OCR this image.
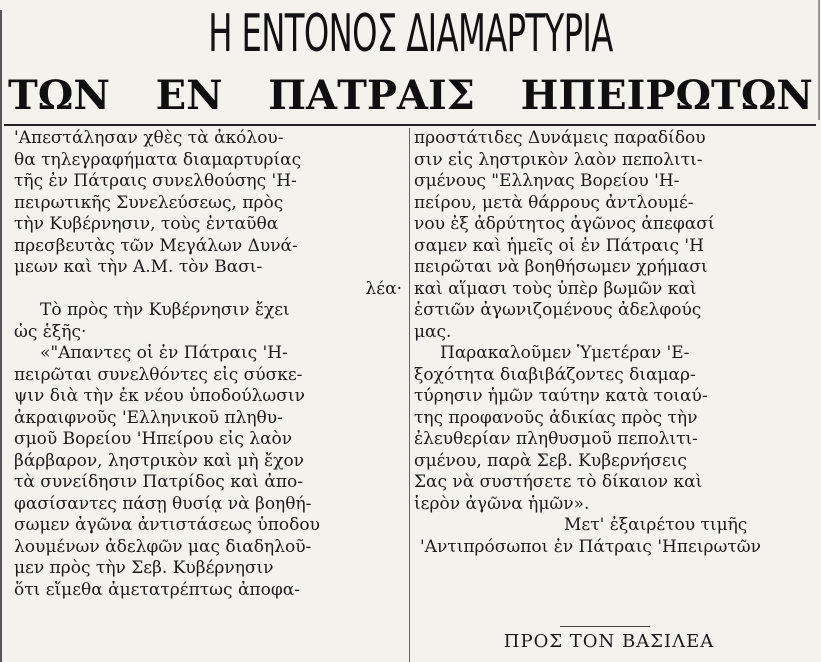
Η ΕΝΤΟΝΟΣ ΔΙΑΜΑΡΤΥΡΙΑ
ΤΩΝ ΕΝ ΠΑΤΡΑΙΣ ΗΠΕΙΡΩΤΩΝ
'Απεστάλησαν χθὲς τὰ ἀκόλου-
θα τηλεγραφήματα διαμαρτυρίας
τῆς ἐν Πάτραις συνελθούσης 'Η-
πειρωτικῆς Συνελεύσεως, πρὸς
τὴν Κυβέρνησιν, τοὺς ἐνταῦθα
πρεσβευτὰς τῶν Μεγάλων Δυνά-
μεων καὶ τὴν Α.Μ. τὸν Βασι-
λέα·
Τὸ πρὸς τὴν Κυβέρνησιν ἔχει
ὡς ἑξῆς·
«"Απαντες οἱ ἐν Πάτραις 'Η-
πειρῶται συνελθόντες εἰς σύσκε-
ψιν διὰ τὴν ἐκ νέου ὑποδούλωσιν
ἀκραιφνοῦς 'Ελληνικοῦ πληθυ-
σμοῦ Βορείου 'Ηπείρου εἰς λαὸν
βάρβαρον, ληστρικὸν καὶ μὴ ἔχον
τὰ συνείδησιν Πατρίδος καὶ ἀπο-
φασίσαντες πάσῃ θυσίᾳ νὰ βοηθή-
σωμεν ἀγῶνα ἀντιστάσεως ὑποδου
λουμένων ἀδελφῶν μας διαδηλοῦ-
μεν πρὸς τὴν Σεβ. Κυβέρνησιν
ὅτι εἴμεθα ἀμετατρέπτως ἀποφα-
προστάτιδες Δυνάμεις παραδίδου
σιν εἰς ληστρικὸν λαὸν πεπολιτι-
σμένους "Ελληνας Βορείου 'Η-
πείρου, μετὰ θάρρους ἀντλουμέ-
νου ἐξ ἀδρύτητος ἀγῶνος ἀπεφασί
σαμεν καὶ ἡμεῖς οἱ ἐν Πάτραις 'Η
πειρῶται νὰ βοηθήσωμεν χρήμασι
καὶ αἵμασι τοὺς ὑπὲρ βωμῶν καὶ
ἑστιῶν ἀγωνιζομένους ἀδελφούς
μας.
Παρακαλοῦμεν Ὑμετέραν 'Ε-
ξοχότητα διαβιβάζοντες διαμαρ-
τύρησιν ἡμῶν ταύτην κατὰ τοιαύ-
της προφανοῦς ἀδικίας πρὸς τὴν
ἐλευθερίαν πληθυσμοῦ πεπολιτι-
σμένου, παρὰ Σεβ. Κυβερνήσεις
Σας νὰ συστήσετε τὸ δίκαιον καὶ
ἱερὸν ἀγῶνα ἡμῶν».
Μετ' ἐξαιρέτου τιμῆς
'Αντιπρόσωποι ἐν Πάτραις 'Ηπειρωτῶν
ΠΡΟΣ ΤΟΝ ΒΑΣΙΛΕΑ
